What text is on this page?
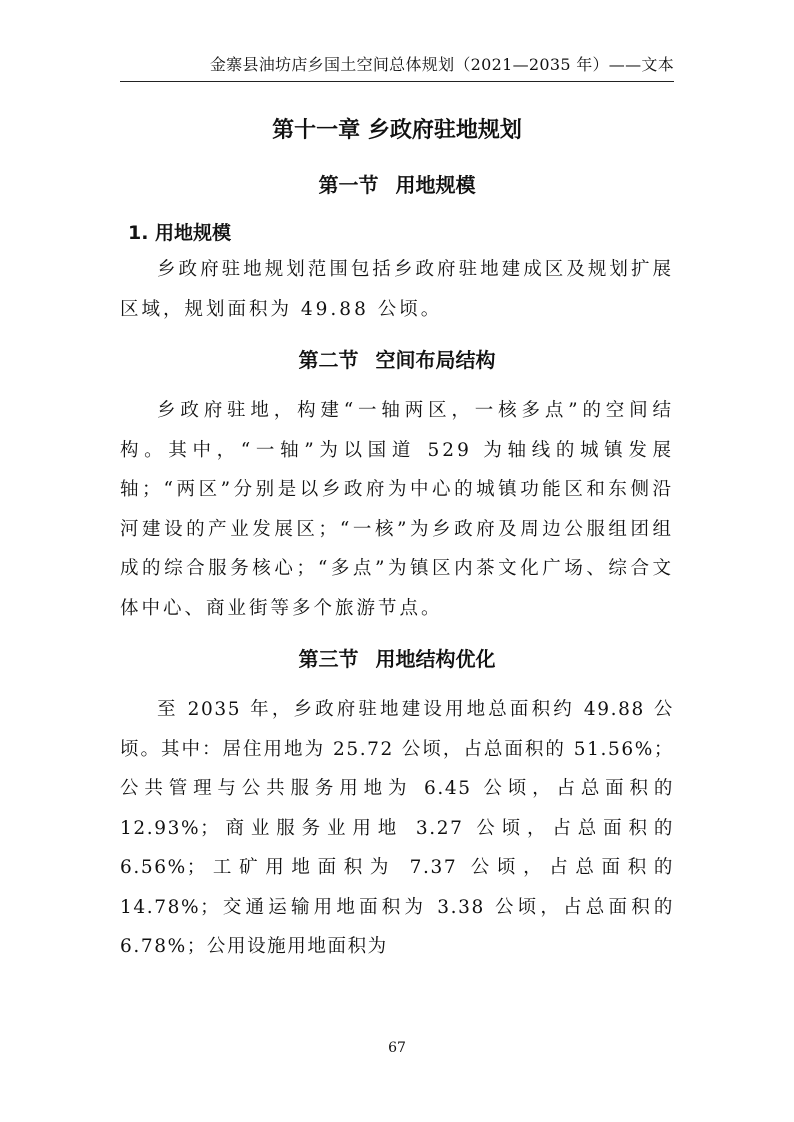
金寨县油坊店乡国土空间总体规划（2021—2035 年）——文本
第十一章 乡政府驻地规划
第一节 用地规模
1. 用地规模

乡政府驻地规划范围包括乡政府驻地建成区及规划扩展区域，规划面积为 49.88 公顷。

第二节 空间布局结构

乡政府驻地，构建“一轴两区，一核多点”的空间结构。其中，“一轴”为以国道 529 为轴线的城镇发展轴；“两区”分别是以乡政府为中心的城镇功能区和东侧沿河建设的产业发展区；“一核”为乡政府及周边公服组团组成的综合服务核心；“多点”为镇区内茶文化广场、综合文体中心、商业街等多个旅游节点。

第三节 用地结构优化

至 2035 年，乡政府驻地建设用地总面积约 49.88 公顷。其中：居住用地为 25.72 公顷，占总面积的 51.56%；公共管理与公共服务用地为 6.45 公顷，占总面积的 12.93%；商业服务业用地 3.27 公顷，占总面积的 6.56%；工矿用地面积为 7.37 公顷，占总面积的 14.78%；交通运输用地面积为 3.38 公顷，占总面积的 6.78%；公用设施用地面积为

67
